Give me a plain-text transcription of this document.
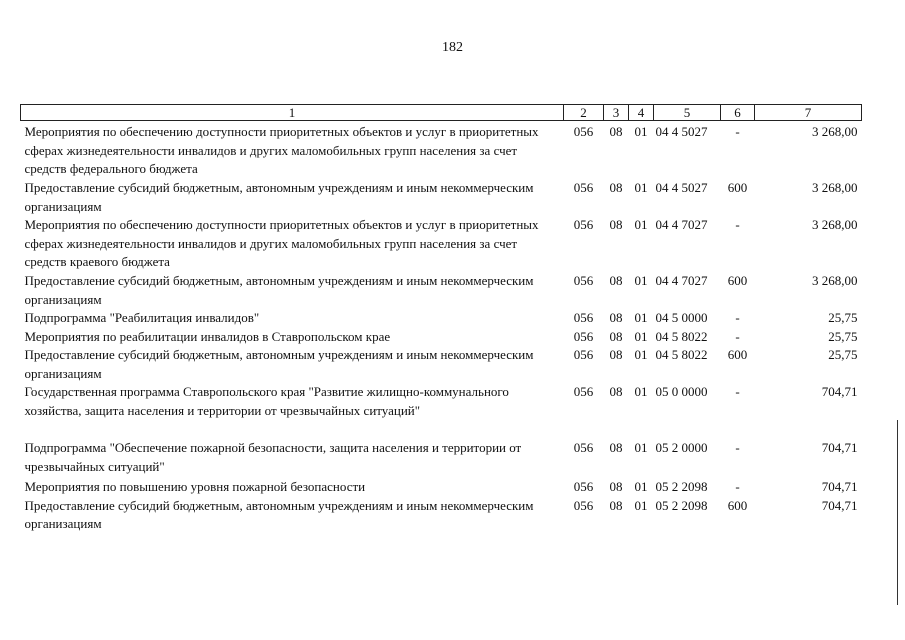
182
1	2	3	4	5	6	7
Мероприятия по обеспечению доступности приоритетных объектов и услуг в приоритетных сферах жизнедеятельности инвалидов и других маломобильных групп населения за счет средств федерального бюджета	056	08	01	04 4 5027	-	3 268,00
Предоставление субсидий бюджетным, автономным учреждениям и иным некоммерческим организациям	056	08	01	04 4 5027	600	3 268,00
Мероприятия по обеспечению доступности приоритетных объектов и услуг в приоритетных сферах жизнедеятельности инвалидов и других маломобильных групп населения за счет средств краевого бюджета	056	08	01	04 4 7027	-	3 268,00
Предоставление субсидий бюджетным, автономным учреждениям и иным некоммерческим организациям	056	08	01	04 4 7027	600	3 268,00
Подпрограмма "Реабилитация инвалидов"	056	08	01	04 5 0000	-	25,75
Мероприятия по реабилитации инвалидов в Ставропольском крае	056	08	01	04 5 8022	-	25,75
Предоставление субсидий бюджетным, автономным учреждениям и иным некоммерческим организациям	056	08	01	04 5 8022	600	25,75
Государственная программа Ставропольского края "Развитие жилищно-коммунального хозяйства, защита населения и территории от чрезвычайных ситуаций"	056	08	01	05 0 0000	-	704,71
Подпрограмма "Обеспечение пожарной безопасности, защита населения и территории от чрезвычайных ситуаций"	056	08	01	05 2 0000	-	704,71
Мероприятия по повышению уровня пожарной безопасности	056	08	01	05 2 2098	-	704,71
Предоставление субсидий бюджетным, автономным учреждениям и иным некоммерческим организациям	056	08	01	05 2 2098	600	704,71
